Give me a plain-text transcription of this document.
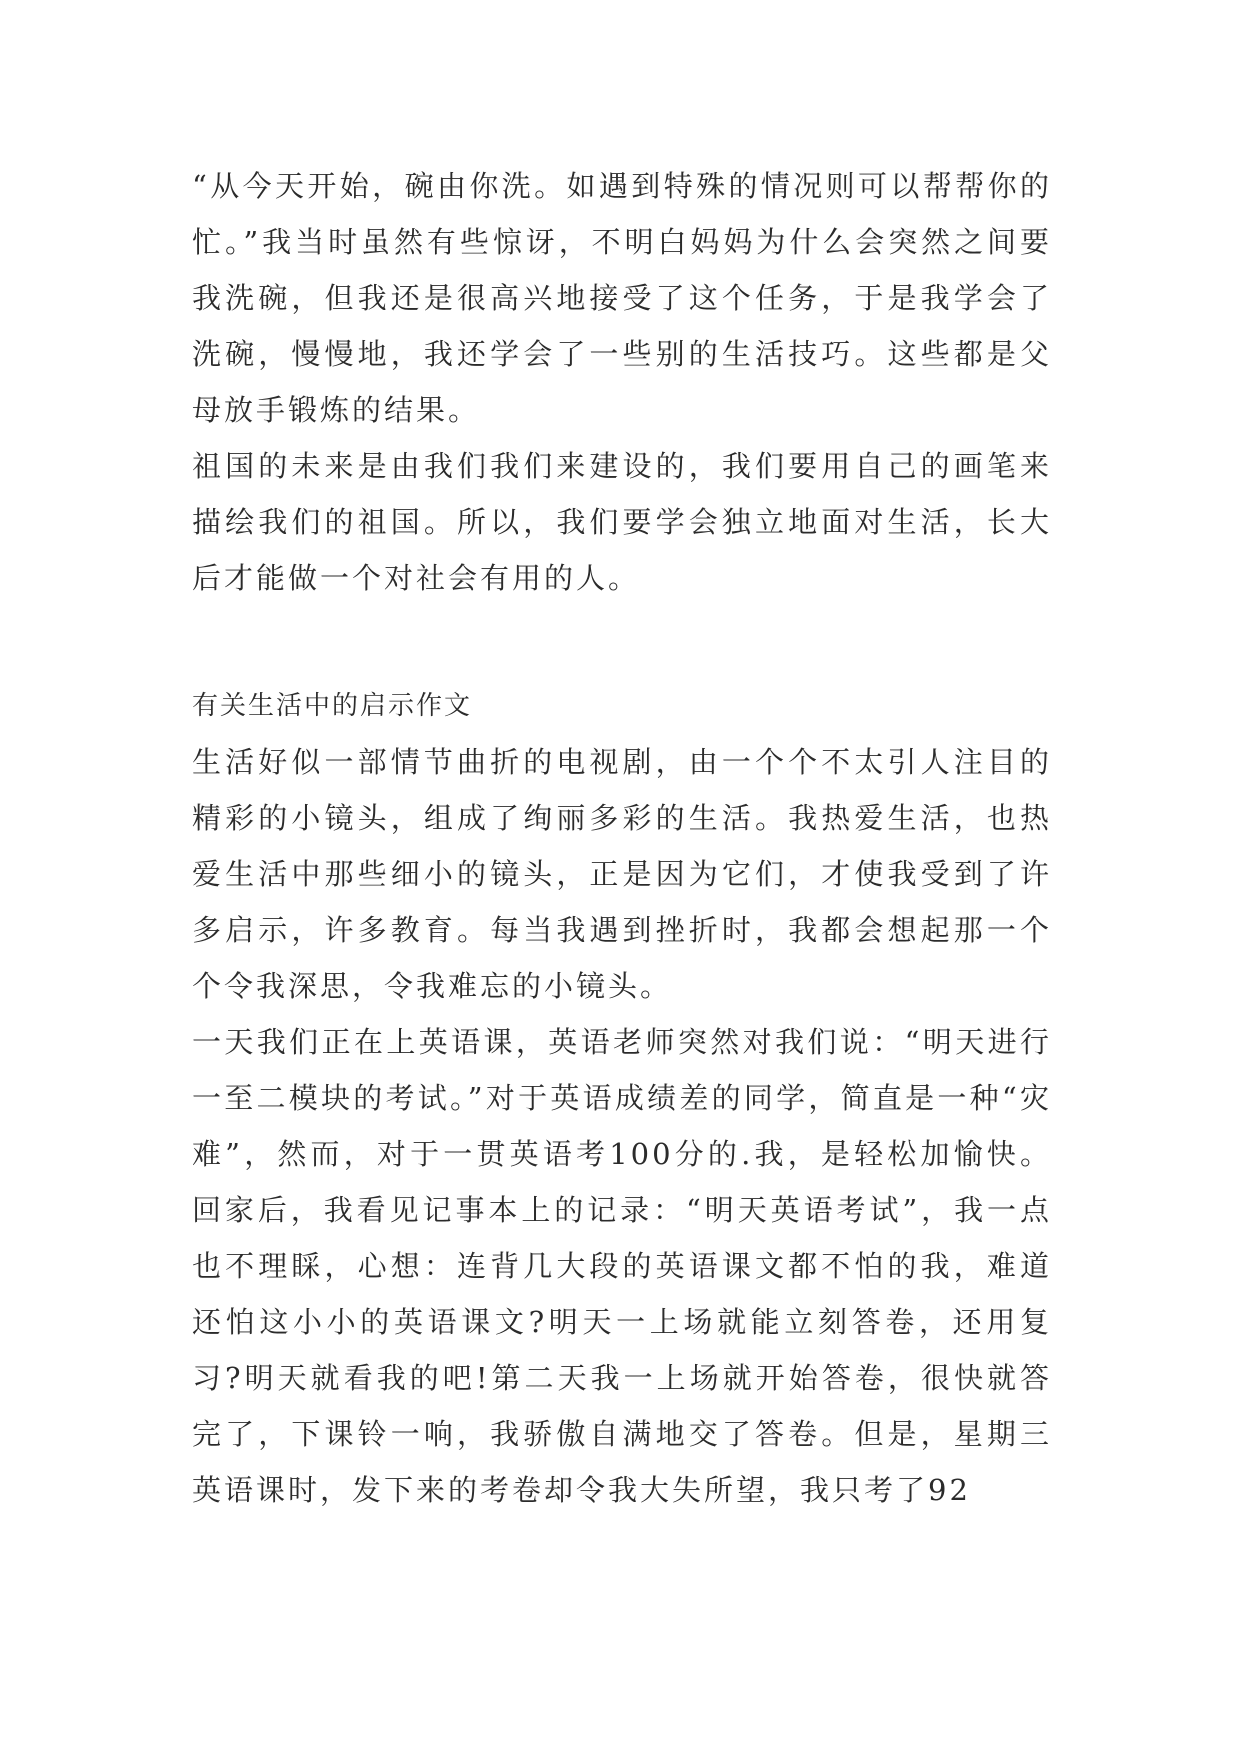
“从今天开始，碗由你洗。如遇到特殊的情况则可以帮帮你的忙。”我当时虽然有些惊讶，不明白妈妈为什么会突然之间要我洗碗，但我还是很高兴地接受了这个任务，于是我学会了洗碗，慢慢地，我还学会了一些别的生活技巧。这些都是父母放手锻炼的结果。

祖国的未来是由我们我们来建设的，我们要用自己的画笔来描绘我们的祖国。所以，我们要学会独立地面对生活，长大后才能做一个对社会有用的人。

有关生活中的启示作文

生活好似一部情节曲折的电视剧，由一个个不太引人注目的精彩的小镜头，组成了绚丽多彩的生活。我热爱生活，也热爱生活中那些细小的镜头，正是因为它们，才使我受到了许多启示，许多教育。每当我遇到挫折时，我都会想起那一个个令我深思，令我难忘的小镜头。

一天我们正在上英语课，英语老师突然对我们说：“明天进行一至二模块的考试。”对于英语成绩差的同学，简直是一种“灾难”，然而，对于一贯英语考100分的.我，是轻松加愉快。回家后，我看见记事本上的记录：“明天英语考试”，我一点也不理睬，心想：连背几大段的英语课文都不怕的我，难道还怕这小小的英语课文?明天一上场就能立刻答卷，还用复习?明天就看我的吧!第二天我一上场就开始答卷，很快就答完了，下课铃一响，我骄傲自满地交了答卷。但是，星期三英语课时，发下来的考卷却令我大失所望，我只考了92
